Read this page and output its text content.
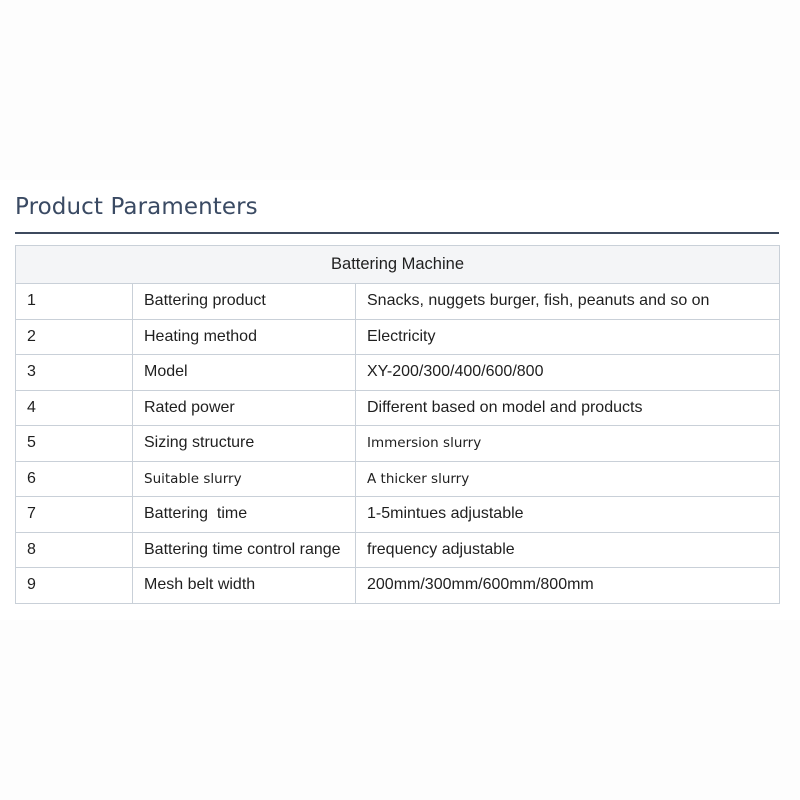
Product Paramenters
Battering Machine		
1	Battering product	Snacks, nuggets burger, fish, peanuts and so on
2	Heating method	Electricity
3	Model	XY-200/300/400/600/800
4	Rated power	Different based on model and products
5	Sizing structure	Immersion slurry
6	Suitable slurry	A thicker slurry
7	Battering  time	1-5mintues adjustable
8	Battering time control range	frequency adjustable
9	Mesh belt width	200mm/300mm/600mm/800mm
